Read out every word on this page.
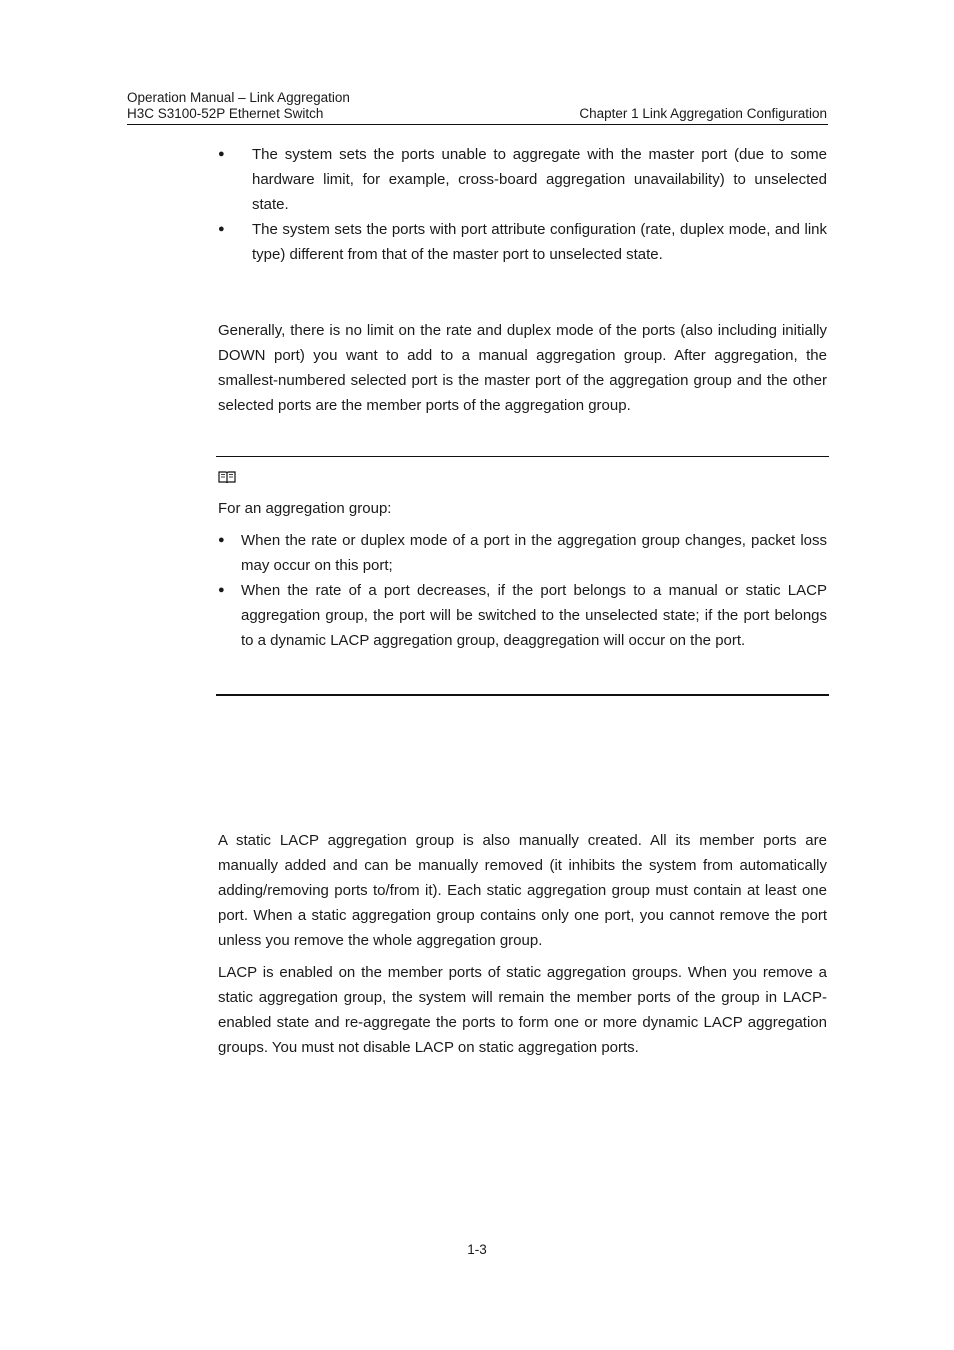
Operation Manual – Link Aggregation
H3C S3100-52P Ethernet Switch	Chapter 1 Link Aggregation Configuration
● The system sets the ports unable to aggregate with the master port (due to some hardware limit, for example, cross-board aggregation unavailability) to unselected state.
● The system sets the ports with port attribute configuration (rate, duplex mode, and link type) different from that of the master port to unselected state.

Generally, there is no limit on the rate and duplex mode of the ports (also including initially DOWN port) you want to add to a manual aggregation group. After aggregation, the smallest-numbered selected port is the master port of the aggregation group and the other selected ports are the member ports of the aggregation group.

For an aggregation group:
● When the rate or duplex mode of a port in the aggregation group changes, packet loss may occur on this port;
● When the rate of a port decreases, if the port belongs to a manual or static LACP aggregation group, the port will be switched to the unselected state; if the port belongs to a dynamic LACP aggregation group, deaggregation will occur on the port.

A static LACP aggregation group is also manually created. All its member ports are manually added and can be manually removed (it inhibits the system from automatically adding/removing ports to/from it). Each static aggregation group must contain at least one port. When a static aggregation group contains only one port, you cannot remove the port unless you remove the whole aggregation group.

LACP is enabled on the member ports of static aggregation groups. When you remove a static aggregation group, the system will remain the member ports of the group in LACP-enabled state and re-aggregate the ports to form one or more dynamic LACP aggregation groups. You must not disable LACP on static aggregation ports.

1-3
